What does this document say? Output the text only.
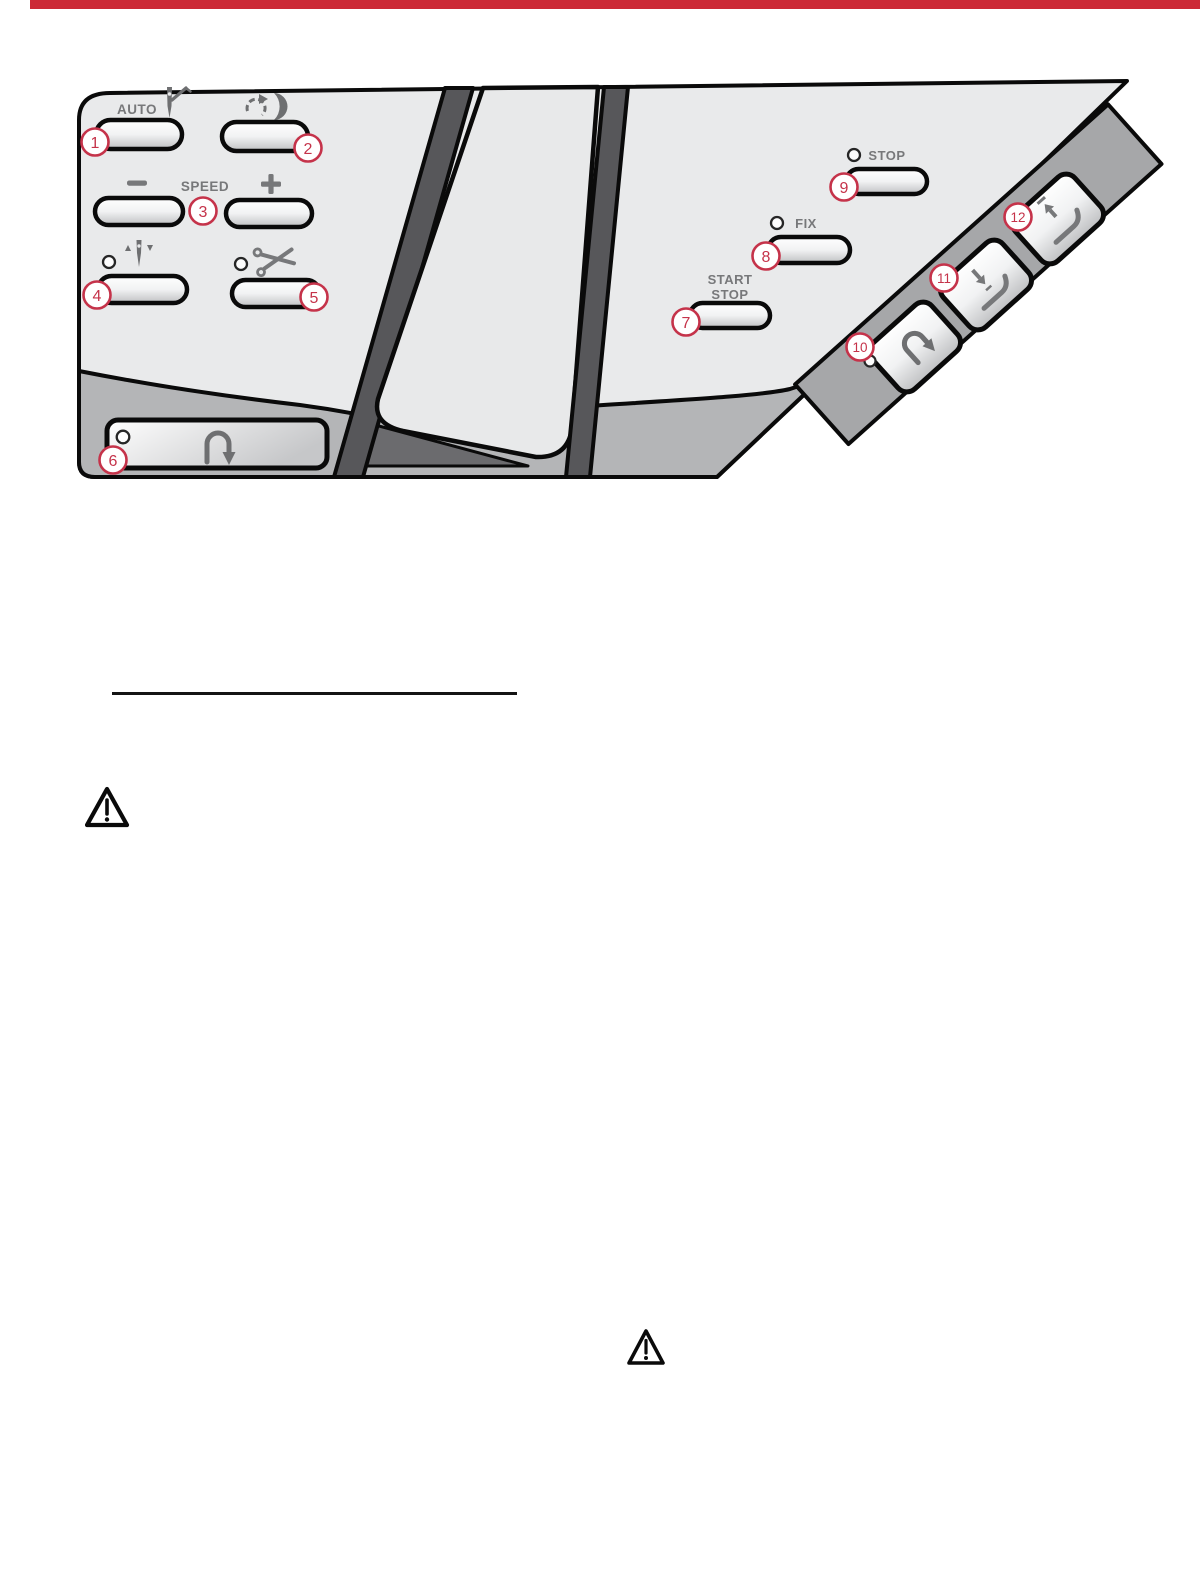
AUTO
SPEED
START
STOP
FIX
STOP
1	2
3
4	5
6
7
8
9
10
11
12
